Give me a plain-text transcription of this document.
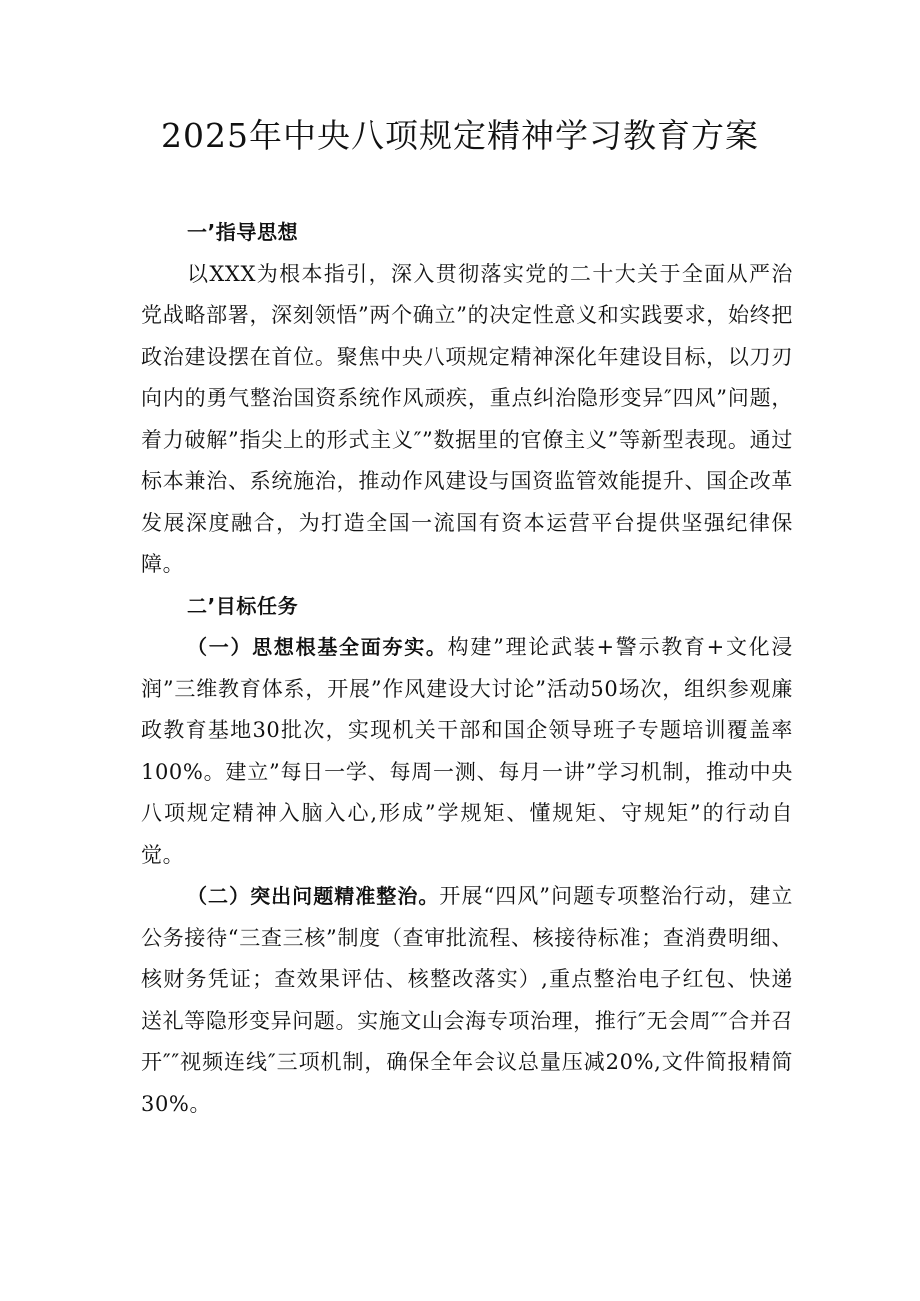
2025年中央八项规定精神学习教育方案

一’指导思想

以XXX为根本指引，深入贯彻落实党的二十大关于全面从严治党战略部署，深刻领悟”两个确立”的决定性意义和实践要求，始终把政治建设摆在首位。聚焦中央八项规定精神深化年建设目标，以刀刃向内的勇气整治国资系统作风顽疾，重点纠治隐形变异″四风”问题，着力破解”指尖上的形式主义″”数据里的官僚主义”等新型表现。通过标本兼治、系统施治，推动作风建设与国资监管效能提升、国企改革发展深度融合，为打造全国一流国有资本运营平台提供坚强纪律保障。

二’目标任务

（一）思想根基全面夯实。构建”理论武装+警示教育+文化浸润”三维教育体系，开展”作风建设大讨论”活动50场次，组织参观廉政教育基地30批次，实现机关干部和国企领导班子专题培训覆盖率100%。建立”每日一学、每周一测、每月一讲”学习机制，推动中央八项规定精神入脑入心,形成”学规矩、懂规矩、守规矩”的行动自觉。

（二）突出问题精准整治。开展“四风”问题专项整治行动，建立公务接待“三查三核”制度（查审批流程、核接待标准；查消费明细、核财务凭证；查效果评估、核整改落实）,重点整治电子红包、快递送礼等隐形变异问题。实施文山会海专项治理，推行″无会周″″合并召开″″视频连线″三项机制，确保全年会议总量压减20%,文件简报精简30%。
